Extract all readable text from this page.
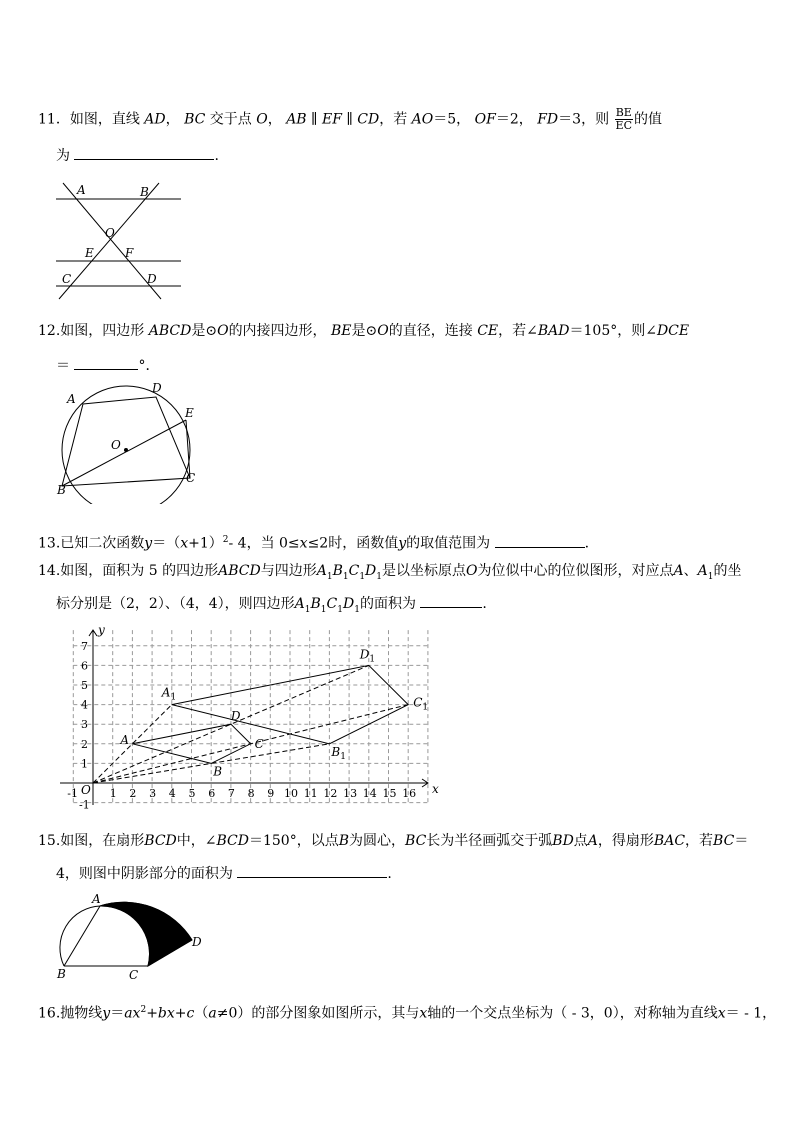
11．如图，直线 AD， BC 交于点 O， AB ∥ EF ∥ CD，若 AO＝5， OF＝2， FD＝3，则 $\frac{BE}{EC}$ 的值
为	.
A	B
O
E	F
C	D
12.如图，四边形 ABCD是⊙O的内接四边形， BE是⊙O的直径，连接 CE，若∠BAD＝105°，则∠DCE
＝	°．
A
D
E
O
B
C
13.已知二次函数$y=(x+1)^2-$ 4，当 0≤x≤2时，函数值y的取值范围为	.
14.如图，面积为 5 的四边形ABCD与四边形$A_1B_1C_1D_1$是以坐标原点O为位似中心的位似图形，对应点A、$A_1$的坐
标分别是（2，2）、（4，4），则四边形$A_1B_1C_1D_1$的面积为	.
-1	1 2 3 4 5 6 7 8 9 10 11 12 13 14 15 16
1
2
3
4
5
6
7
-1
x
y
O
A
B
C
D
$A_1$
$B_1$
$C_1$
$D_1$
15.如图，在扇形BCD中，∠BCD＝150°，以点B为圆心，BC长为半径画弧交于弧BD点A，得扇形BAC，若BC＝
4，则图中阴影部分的面积为	.
A
B	C
D
16.抛物线$y=ax^2+bx+c(a\ne 0)$的部分图象如图所示，其与x轴的一个交点坐标为（ - 3，0），对称轴为直线x＝ - 1，
